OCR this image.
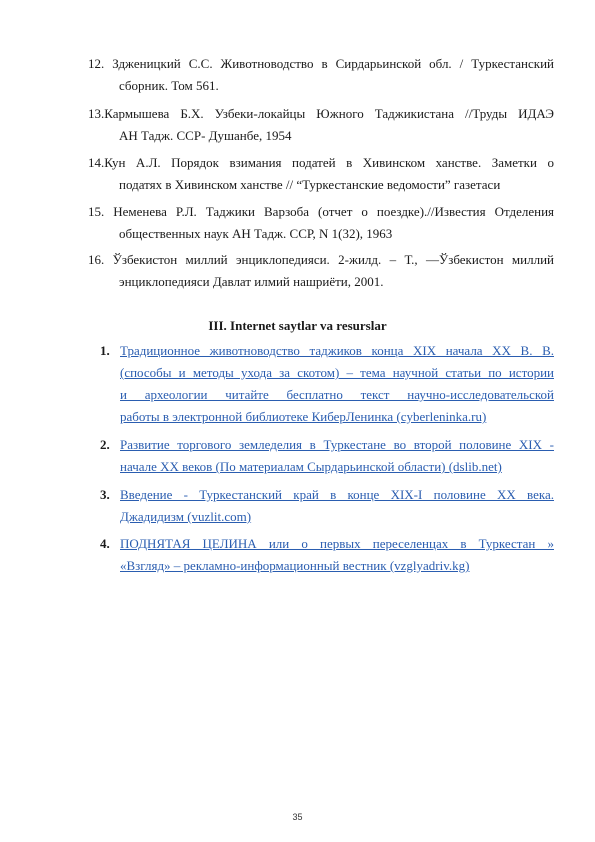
12. Здженицкий С.С. Животноводство в Сирдарьинской обл. / Туркестанский
сборник. Том 561.
13.Кармышева Б.Х. Узбеки-локайцы Южного Таджикистана //Труды ИДАЭ
АН Тадж. ССР- Душанбе, 1954
14.Кун А.Л. Порядок взимания податей в Хивинском ханстве. Заметки о
податях в Хивинском ханстве // “Туркестанские ведомости” газетаси
15. Неменева Р.Л. Таджики Варзоба (отчет о поездке).//Известия Отделения
общественных наук АН Тадж. ССР, N 1(32), 1963
16. Ўзбекистон миллий энциклопедияси. 2-жилд. – Т., ―Ўзбекистон миллий
энциклопедияси Давлат илмий нашриёти, 2001.
III. Internet saytlar va resurslar
1. Традиционное животноводство таджиков конца XIX начала XX В. В.
(способы и методы ухода за скотом) – тема научной статьи по истории
и археологии читайте бесплатно текст научно-исследовательской
работы в электронной библиотеке КиберЛенинка (cyberleninka.ru)
2. Развитие торгового земледелия в Туркестане во второй половине XIX -
начале XX веков (По материалам Сырдарьинской области) (dslib.net)
3. Введение - Туркестанский край в конце XIX-I половине XX века.
Джадидизм (vuzlit.com)
4. ПОДНЯТАЯ ЦЕЛИНА или о первых переселенцах в Туркестан »
«Взгляд» – рекламно-информационный вестник (vzglyadriv.kg)
35
